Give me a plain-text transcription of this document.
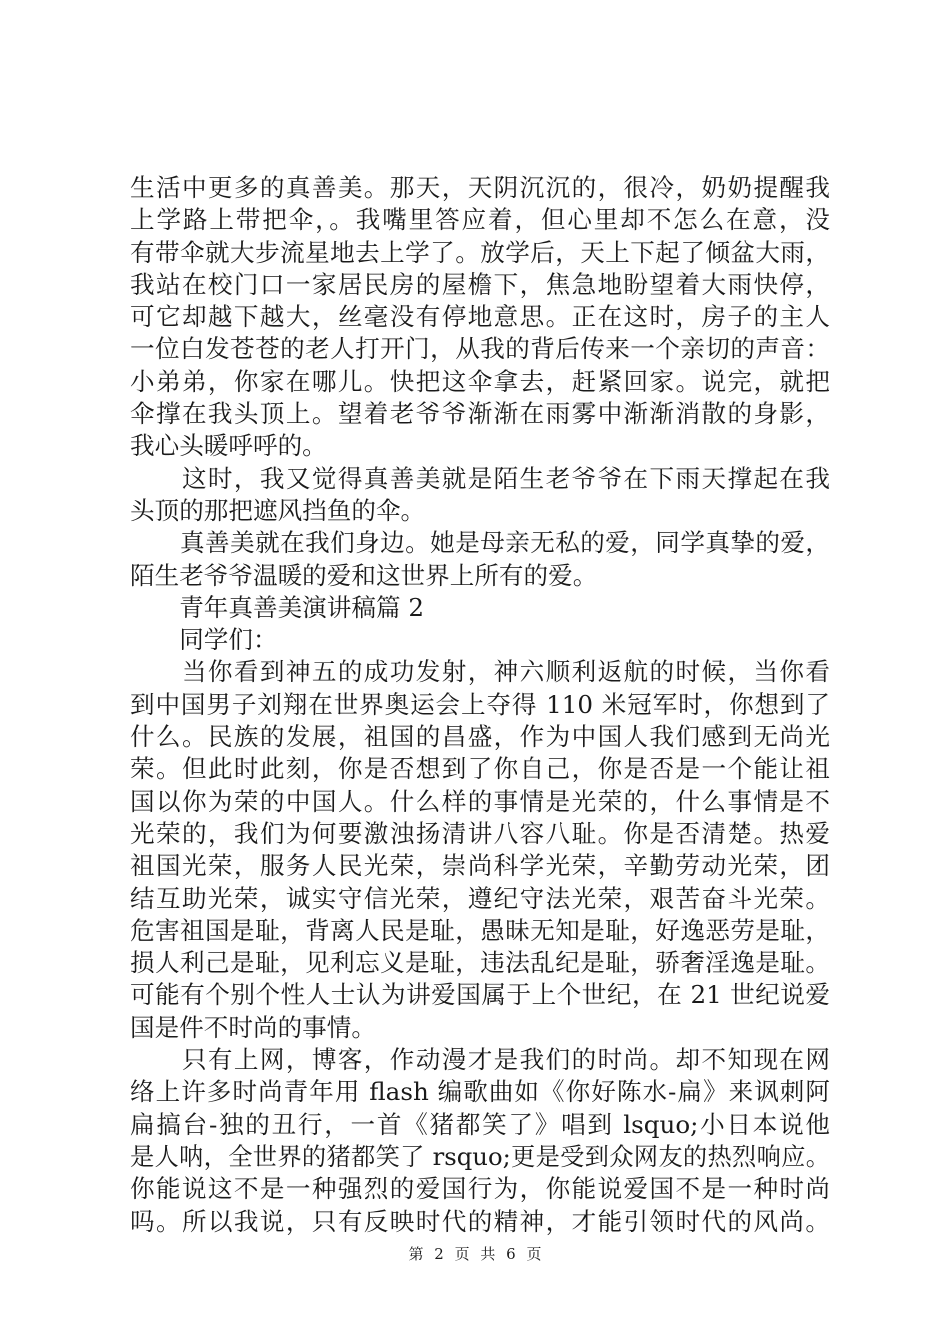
生活中更多的真善美。那天，天阴沉沉的，很冷，奶奶提醒我
上学路上带把伞，。我嘴里答应着，但心里却不怎么在意，没
有带伞就大步流星地去上学了。放学后，天上下起了倾盆大雨，
我站在校门口一家居民房的屋檐下，焦急地盼望着大雨快停，
可它却越下越大，丝毫没有停地意思。正在这时，房子的主人
一位白发苍苍的老人打开门，从我的背后传来一个亲切的声音：
小弟弟，你家在哪儿。快把这伞拿去，赶紧回家。说完，就把
伞撑在我头顶上。望着老爷爷渐渐在雨雾中渐渐消散的身影，
我心头暖呼呼的。
　　这时，我又觉得真善美就是陌生老爷爷在下雨天撑起在我
头顶的那把遮风挡鱼的伞。
　　真善美就在我们身边。她是母亲无私的爱，同学真挚的爱，
陌生老爷爷温暖的爱和这世界上所有的爱。
　　青年真善美演讲稿篇 2
　　同学们：
　　当你看到神五的成功发射，神六顺利返航的时候，当你看
到中国男子刘翔在世界奥运会上夺得 110 米冠军时，你想到了
什么。民族的发展，祖国的昌盛，作为中国人我们感到无尚光
荣。但此时此刻，你是否想到了你自己，你是否是一个能让祖
国以你为荣的中国人。什么样的事情是光荣的，什么事情是不
光荣的，我们为何要激浊扬清讲八容八耻。你是否清楚。热爱
祖国光荣，服务人民光荣，崇尚科学光荣，辛勤劳动光荣，团
结互助光荣，诚实守信光荣，遵纪守法光荣，艰苦奋斗光荣。
危害祖国是耻，背离人民是耻，愚昧无知是耻，好逸恶劳是耻，
损人利己是耻，见利忘义是耻，违法乱纪是耻，骄奢淫逸是耻。
可能有个别个性人士认为讲爱国属于上个世纪，在 21 世纪说爱
国是件不时尚的事情。
　　只有上网，博客，作动漫才是我们的时尚。却不知现在网
络上许多时尚青年用 flash 编歌曲如《你好陈水-扁》来讽刺阿
扁搞台-独的丑行，一首《猪都笑了》唱到 lsquo;小日本说他
是人呐，全世界的猪都笑了 rsquo;更是受到众网友的热烈响应。
你能说这不是一种强烈的爱国行为，你能说爱国不是一种时尚
吗。所以我说，只有反映时代的精神，才能引领时代的风尚。
第 2 页 共 6 页
